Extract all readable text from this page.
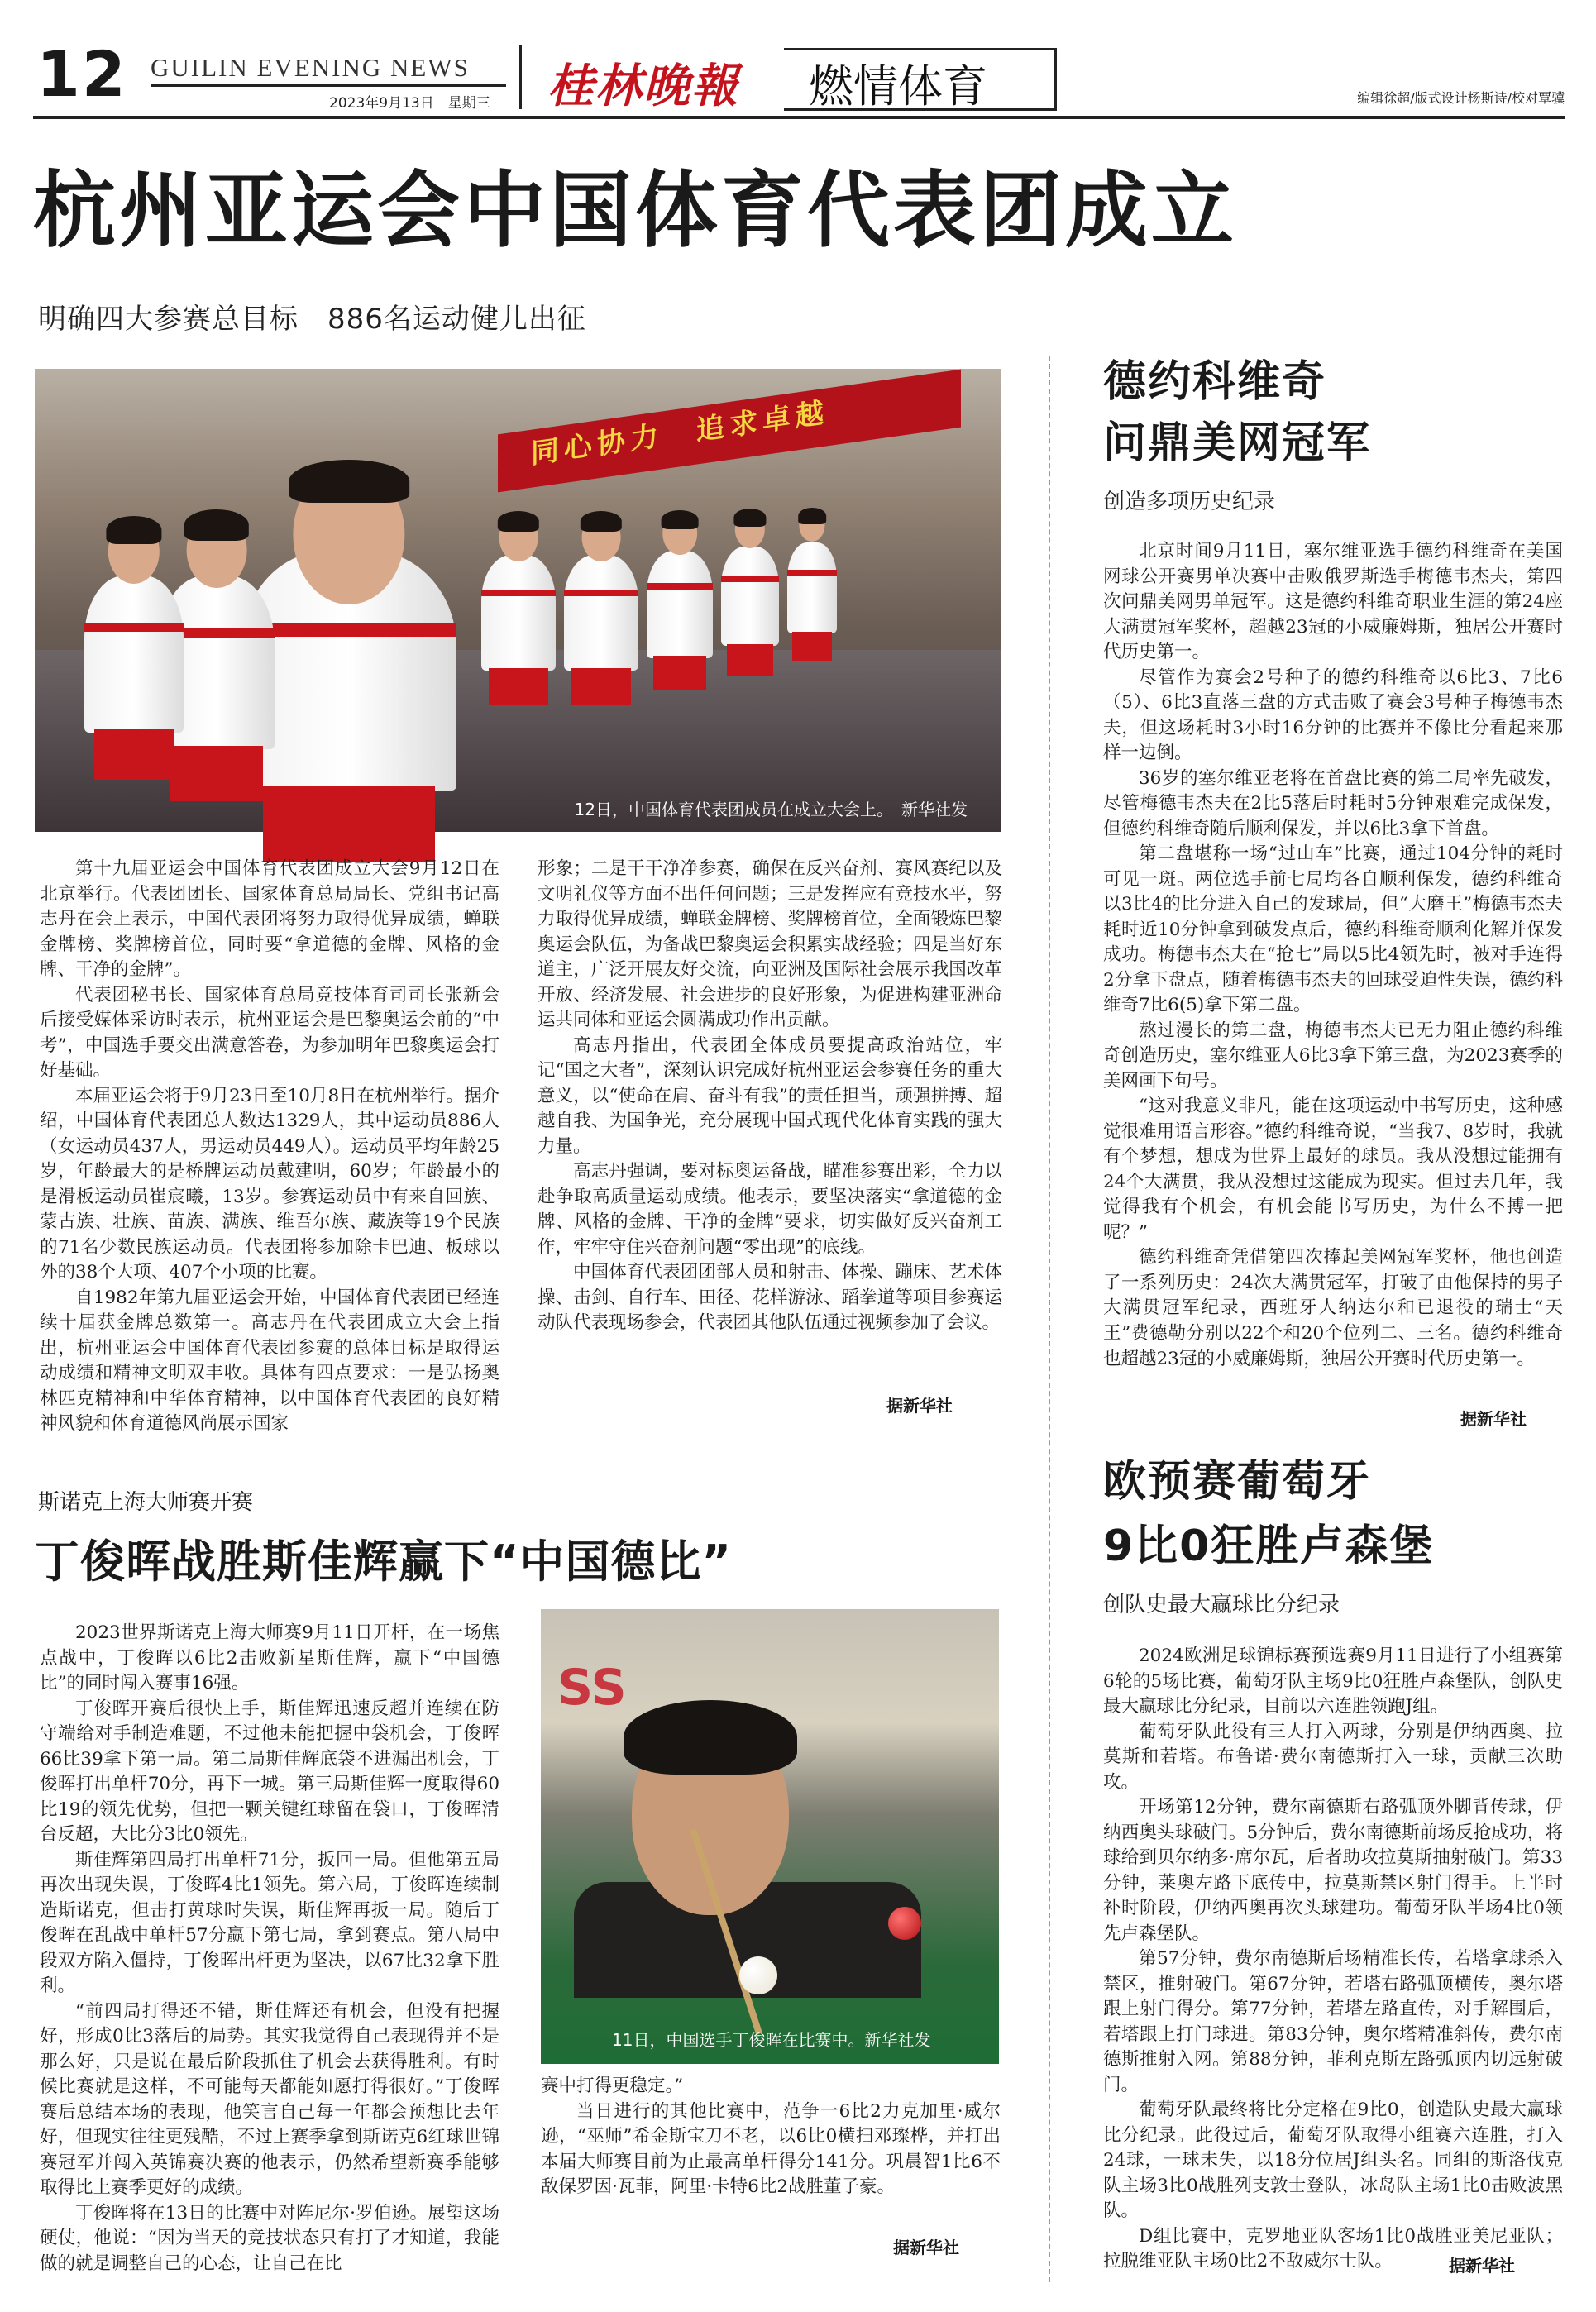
12 GUILIN EVENING NEWS
2023年9月13日　星期三 桂林晚報 燃情体育	编辑徐超/版式设计杨斯诗/校对覃骥
杭州亚运会中国体育代表团成立
明确四大参赛总目标　886名运动健儿出征
同心协力　追求卓越
12日，中国体育代表团成员在成立大会上。　新华社发

第十九届亚运会中国体育代表团成立大会9月12日在北京举行。代表团团长、国家体育总局局长、党组书记高志丹在会上表示，中国代表团将努力取得优异成绩，蝉联金牌榜、奖牌榜首位，同时要“拿道德的金牌、风格的金牌、干净的金牌”。

代表团秘书长、国家体育总局竞技体育司司长张新会后接受媒体采访时表示，杭州亚运会是巴黎奥运会前的“中考”，中国选手要交出满意答卷，为参加明年巴黎奥运会打好基础。

本届亚运会将于9月23日至10月8日在杭州举行。据介绍，中国体育代表团总人数达1329人，其中运动员886人（女运动员437人，男运动员449人）。运动员平均年龄25岁，年龄最大的是桥牌运动员戴建明，60岁；年龄最小的是滑板运动员崔宸曦，13岁。参赛运动员中有来自回族、蒙古族、壮族、苗族、满族、维吾尔族、藏族等19个民族的71名少数民族运动员。代表团将参加除卡巴迪、板球以外的38个大项、407个小项的比赛。

自1982年第九届亚运会开始，中国体育代表团已经连续十届获金牌总数第一。高志丹在代表团成立大会上指出，杭州亚运会中国体育代表团参赛的总体目标是取得运动成绩和精神文明双丰收。具体有四点要求：一是弘扬奥林匹克精神和中华体育精神，以中国体育代表团的良好精神风貌和体育道德风尚展示国家

形象；二是干干净净参赛，确保在反兴奋剂、赛风赛纪以及文明礼仪等方面不出任何问题；三是发挥应有竞技水平，努力取得优异成绩，蝉联金牌榜、奖牌榜首位，全面锻炼巴黎奥运会队伍，为备战巴黎奥运会积累实战经验；四是当好东道主，广泛开展友好交流，向亚洲及国际社会展示我国改革开放、经济发展、社会进步的良好形象，为促进构建亚洲命运共同体和亚运会圆满成功作出贡献。

高志丹指出，代表团全体成员要提高政治站位，牢记“国之大者”，深刻认识完成好杭州亚运会参赛任务的重大意义，以“使命在肩、奋斗有我”的责任担当，顽强拼搏、超越自我、为国争光，充分展现中国式现代化体育实践的强大力量。

高志丹强调，要对标奥运备战，瞄准参赛出彩，全力以赴争取高质量运动成绩。他表示，要坚决落实“拿道德的金牌、风格的金牌、干净的金牌”要求，切实做好反兴奋剂工作，牢牢守住兴奋剂问题“零出现”的底线。

中国体育代表团团部人员和射击、体操、蹦床、艺术体操、击剑、自行车、田径、花样游泳、蹈拳道等项目参赛运动队代表现场参会，代表团其他队伍通过视频参加了会议。

据新华社
德约科维奇
问鼎美网冠军
创造多项历史纪录

北京时间9月11日，塞尔维亚选手德约科维奇在美国网球公开赛男单决赛中击败俄罗斯选手梅德韦杰夫，第四次问鼎美网男单冠军。这是德约科维奇职业生涯的第24座大满贯冠军奖杯，超越23冠的小威廉姆斯，独居公开赛时代历史第一。

尽管作为赛会2号种子的德约科维奇以6比3、7比6（5）、6比3直落三盘的方式击败了赛会3号种子梅德韦杰夫，但这场耗时3小时16分钟的比赛并不像比分看起来那样一边倒。

36岁的塞尔维亚老将在首盘比赛的第二局率先破发，尽管梅德韦杰夫在2比5落后时耗时5分钟艰难完成保发，但德约科维奇随后顺利保发，并以6比3拿下首盘。

第二盘堪称一场“过山车”比赛，通过104分钟的耗时可见一斑。两位选手前七局均各自顺利保发，德约科维奇以3比4的比分进入自己的发球局，但“大磨王”梅德韦杰夫耗时近10分钟拿到破发点后，德约科维奇顺利化解并保发成功。梅德韦杰夫在“抢七”局以5比4领先时，被对手连得2分拿下盘点，随着梅德韦杰夫的回球受迫性失误，德约科维奇7比6(5)拿下第二盘。

熬过漫长的第二盘，梅德韦杰夫已无力阻止德约科维奇创造历史，塞尔维亚人6比3拿下第三盘，为2023赛季的美网画下句号。

“这对我意义非凡，能在这项运动中书写历史，这种感觉很难用语言形容。”德约科维奇说，“当我7、8岁时，我就有个梦想，想成为世界上最好的球员。我从没想过能拥有24个大满贯，我从没想过这能成为现实。但过去几年，我觉得我有个机会，有机会能书写历史，为什么不搏一把呢？”

德约科维奇凭借第四次捧起美网冠军奖杯，他也创造了一系列历史：24次大满贯冠军，打破了由他保持的男子大满贯冠军纪录，西班牙人纳达尔和已退役的瑞士“天王”费德勒分别以22个和20个位列二、三名。德约科维奇也超越23冠的小威廉姆斯，独居公开赛时代历史第一。

据新华社
欧预赛葡萄牙
9比0狂胜卢森堡
创队史最大赢球比分纪录

2024欧洲足球锦标赛预选赛9月11日进行了小组赛第6轮的5场比赛，葡萄牙队主场9比0狂胜卢森堡队，创队史最大赢球比分纪录，目前以六连胜领跑J组。

葡萄牙队此役有三人打入两球，分别是伊纳西奥、拉莫斯和若塔。布鲁诺·费尔南德斯打入一球，贡献三次助攻。

开场第12分钟，费尔南德斯右路弧顶外脚背传球，伊纳西奥头球破门。5分钟后，费尔南德斯前场反抢成功，将球给到贝尔纳多·席尔瓦，后者助攻拉莫斯抽射破门。第33分钟，莱奥左路下底传中，拉莫斯禁区射门得手。上半时补时阶段，伊纳西奥再次头球建功。葡萄牙队半场4比0领先卢森堡队。

第57分钟，费尔南德斯后场精准长传，若塔拿球杀入禁区，推射破门。第67分钟，若塔右路弧顶横传，奥尔塔跟上射门得分。第77分钟，若塔左路直传，对手解围后，若塔跟上打门球进。第83分钟，奥尔塔精准斜传，费尔南德斯推射入网。第88分钟，菲利克斯左路弧顶内切远射破门。

葡萄牙队最终将比分定格在9比0，创造队史最大赢球比分纪录。此役过后，葡萄牙队取得小组赛六连胜，打入24球，一球未失，以18分位居J组头名。同组的斯洛伐克队主场3比0战胜列支敦士登队，冰岛队主场1比0击败波黑队。

D组比赛中，克罗地亚队客场1比0战胜亚美尼亚队；拉脱维亚队主场0比2不敌威尔士队。	据新华社
斯诺克上海大师赛开赛
丁俊晖战胜斯佳辉赢下“中国德比”

2023世界斯诺克上海大师赛9月11日开杆，在一场焦点战中，丁俊晖以6比2击败新星斯佳辉，赢下“中国德比”的同时闯入赛事16强。

丁俊晖开赛后很快上手，斯佳辉迅速反超并连续在防守端给对手制造难题，不过他未能把握中袋机会，丁俊晖66比39拿下第一局。第二局斯佳辉底袋不进漏出机会，丁俊晖打出单杆70分，再下一城。第三局斯佳辉一度取得60比19的领先优势，但把一颗关键红球留在袋口，丁俊晖清台反超，大比分3比0领先。

斯佳辉第四局打出单杆71分，扳回一局。但他第五局再次出现失误，丁俊晖4比1领先。第六局，丁俊晖连续制造斯诺克，但击打黄球时失误，斯佳辉再扳一局。随后丁俊晖在乱战中单杆57分赢下第七局，拿到赛点。第八局中段双方陷入僵持，丁俊晖出杆更为坚决，以67比32拿下胜利。

“前四局打得还不错，斯佳辉还有机会，但没有把握好，形成0比3落后的局势。其实我觉得自己表现得并不是那么好，只是说在最后阶段抓住了机会去获得胜利。有时候比赛就是这样，不可能每天都能如愿打得很好。”丁俊晖赛后总结本场的表现，他笑言自己每一年都会预想比去年好，但现实往往更残酷，不过上赛季拿到斯诺克6红球世锦赛冠军并闯入英锦赛决赛的他表示，仍然希望新赛季能够取得比上赛季更好的成绩。

丁俊晖将在13日的比赛中对阵尼尔·罗伯逊。展望这场硬仗，他说：“因为当天的竞技状态只有打了才知道，我能做的就是调整自己的心态，让自己在比

SS
11日，中国选手丁俊晖在比赛中。新华社发

赛中打得更稳定。”

当日进行的其他比赛中，范争一6比2力克加里·威尔逊，“巫师”希金斯宝刀不老，以6比0横扫邓璨桦，并打出本届大师赛目前为止最高单杆得分141分。巩晨智1比6不敌保罗因·瓦菲，阿里·卡特6比2战胜董子豪。

据新华社
